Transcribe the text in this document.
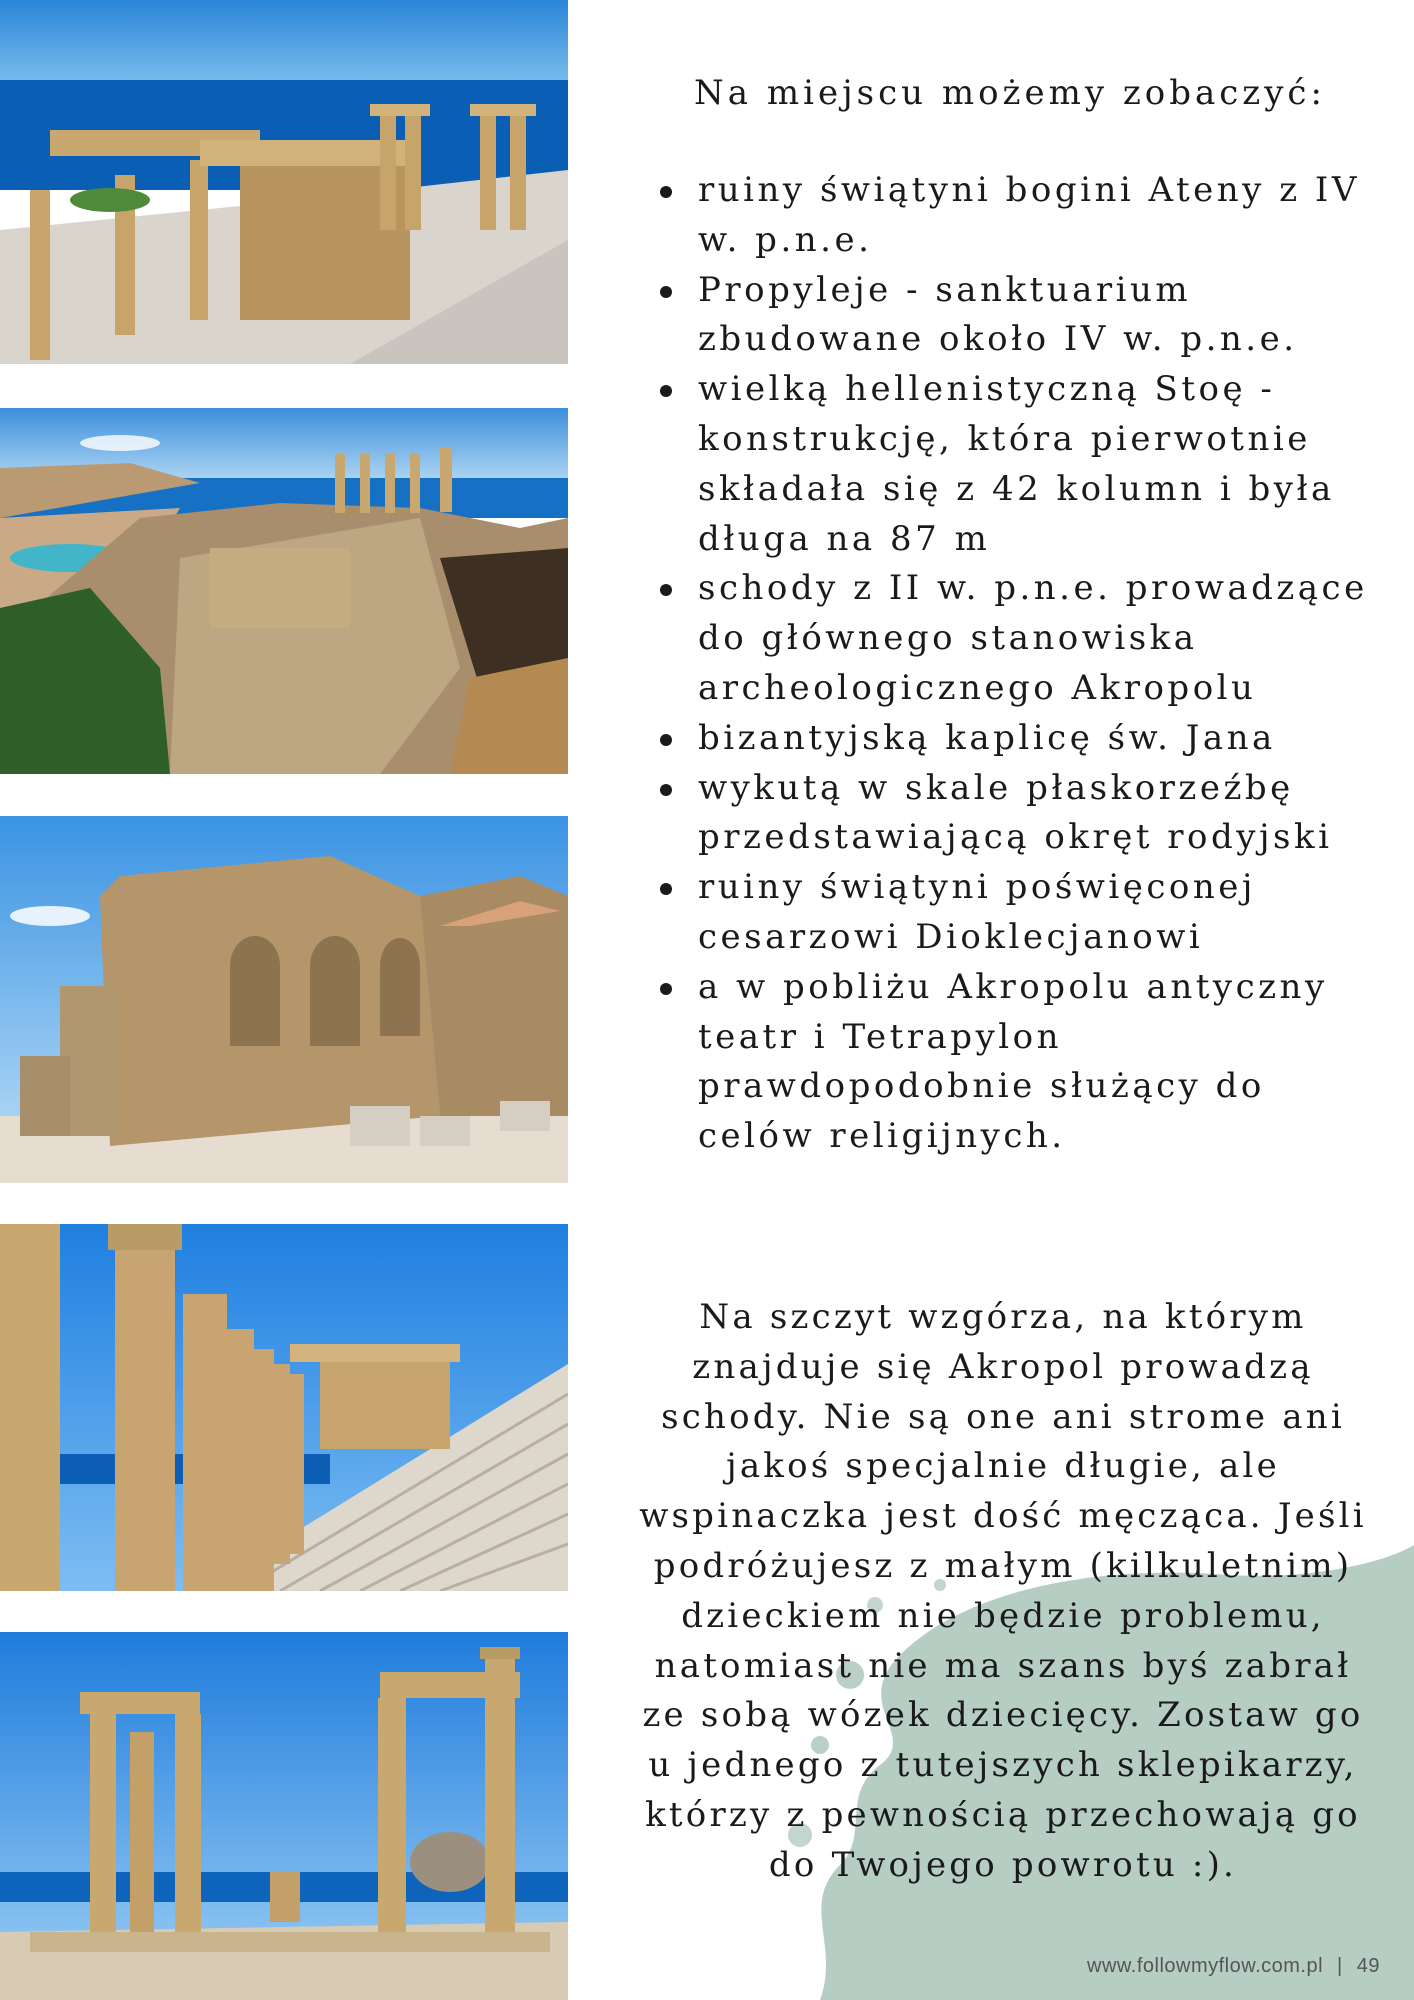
Na miejscu możemy zobaczyć:
ruiny świątyni bogini Ateny z IV w. p.n.e.
Propyleje - sanktuarium zbudowane około IV w. p.n.e.
wielką hellenistyczną Stoę - konstrukcję, która pierwotnie składała się z 42 kolumn i była długa na 87 m
schody z II w. p.n.e. prowadzące do głównego stanowiska archeologicznego Akropolu
bizantyjską kaplicę św. Jana
wykutą w skale płaskorzeźbę przedstawiającą okręt rodyjski
ruiny świątyni poświęconej cesarzowi Dioklecjanowi
a w pobliżu Akropolu antyczny teatr i Tetrapylon prawdopodobnie służący do celów religijnych.
Na szczyt wzgórza, na którym znajduje się Akropol prowadzą schody. Nie są one ani strome ani jakoś specjalnie długie, ale wspinaczka jest dość męcząca. Jeśli podróżujesz z małym (kilkuletnim) dzieckiem nie będzie problemu, natomiast nie ma szans byś zabrał ze sobą wózek dziecięcy. Zostaw go u jednego z tutejszych sklepikarzy, którzy z pewnością przechowają go do Twojego powrotu :).
www.followmyflow.com.pl | 49
